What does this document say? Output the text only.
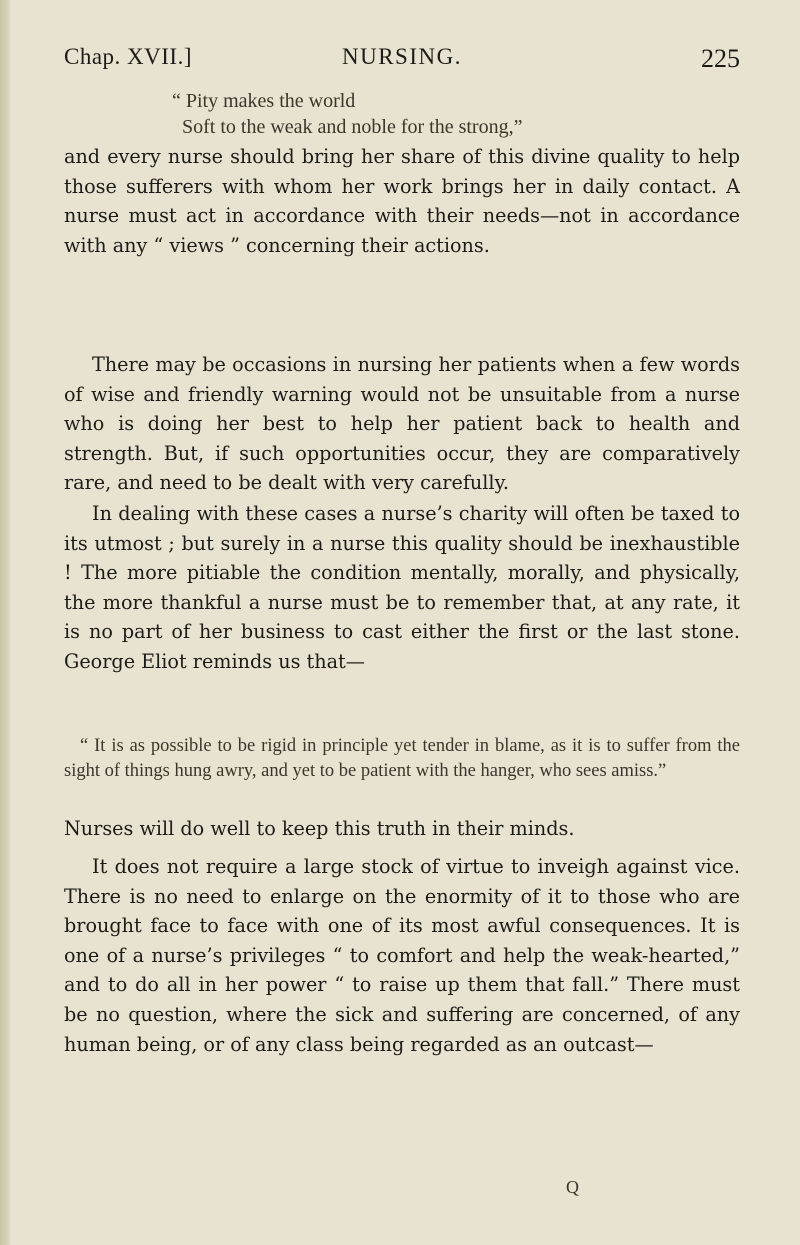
Chap. XVII.]	NURSING.	225
“ Pity makes the world
Soft to the weak and noble for the strong,”

and every nurse should bring her share of this divine quality to help those sufferers with whom her work brings her in daily contact. A nurse must act in accordance with their needs—not in accordance with any “ views ” concerning their actions.

There may be occasions in nursing her patients when a few words of wise and friendly warning would not be unsuitable from a nurse who is doing her best to help her patient back to health and strength. But, if such opportunities occur, they are comparatively rare, and need to be dealt with very carefully.

In dealing with these cases a nurse’s charity will often be taxed to its utmost ; but surely in a nurse this quality should be inexhaustible ! The more pitiable the condition mentally, morally, and physically, the more thankful a nurse must be to remember that, at any rate, it is no part of her business to cast either the first or the last stone. George Eliot reminds us that—

“ It is as possible to be rigid in principle yet tender in blame, as it is to suffer from the sight of things hung awry, and yet to be patient with the hanger, who sees amiss.”

Nurses will do well to keep this truth in their minds.

It does not require a large stock of virtue to inveigh against vice. There is no need to enlarge on the enormity of it to those who are brought face to face with one of its most awful consequences. It is one of a nurse’s privileges “ to comfort and help the weak-hearted,” and to do all in her power “ to raise up them that fall.” There must be no question, where the sick and suffering are concerned, of any human being, or of any class being regarded as an outcast—

Q
